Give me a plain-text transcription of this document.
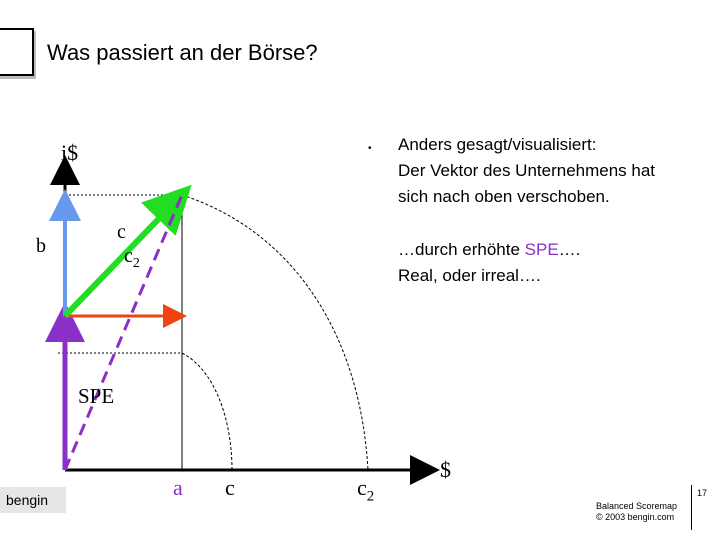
Was passiert an der Börse?
i$
b
c
$c_2$
SPE
a c	$c_2$
$
• Anders gesagt/visualisiert:
Der Vektor des Unternehmens hat
sich nach oben verschoben.
…durch erhöhte SPE….
Real, oder irreal….
bengin	Balanced Scoremap
© 2003 bengin.com
17
